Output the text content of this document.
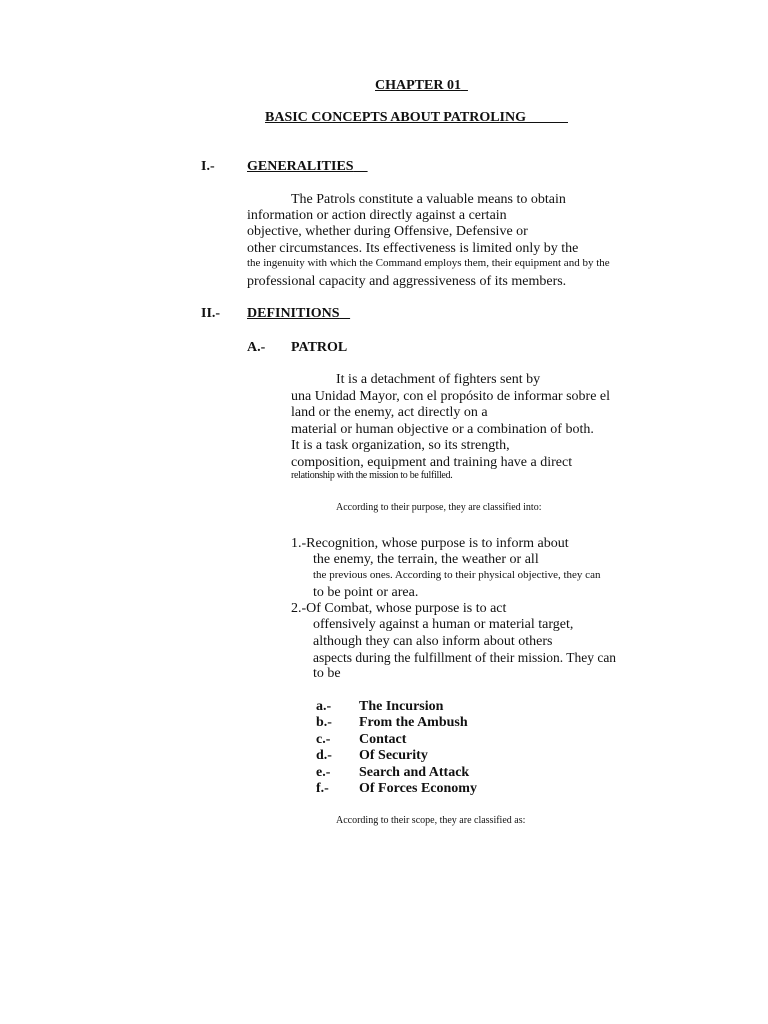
CHAPTER 01
BASIC CONCEPTS ABOUT PATROLING
I.- GENERALITIES
The Patrols constitute a valuable means to obtain
information or action directly against a certain
objective, whether during Offensive, Defensive or
other circumstances. Its effectiveness is limited only by the
the ingenuity with which the Command employs them, their equipment and by the
professional capacity and aggressiveness of its members.
II.- DEFINITIONS
A.- PATROL
It is a detachment of fighters sent by
una Unidad Mayor, con el propósito de informar sobre el
land or the enemy, act directly on a
material or human objective or a combination of both.
It is a task organization, so its strength,
composition, equipment and training have a direct
relationship with the mission to be fulfilled.
According to their purpose, they are classified into:
1.-Recognition, whose purpose is to inform about
the enemy, the terrain, the weather or all
the previous ones. According to their physical objective, they can
to be point or area.
2.-Of Combat, whose purpose is to act
offensively against a human or material target,
although they can also inform about others
aspects during the fulfillment of their mission. They can
to be
a.- The Incursion
b.- From the Ambush
c.- Contact
d.- Of Security
e.- Search and Attack
f.- Of Forces Economy
According to their scope, they are classified as:
